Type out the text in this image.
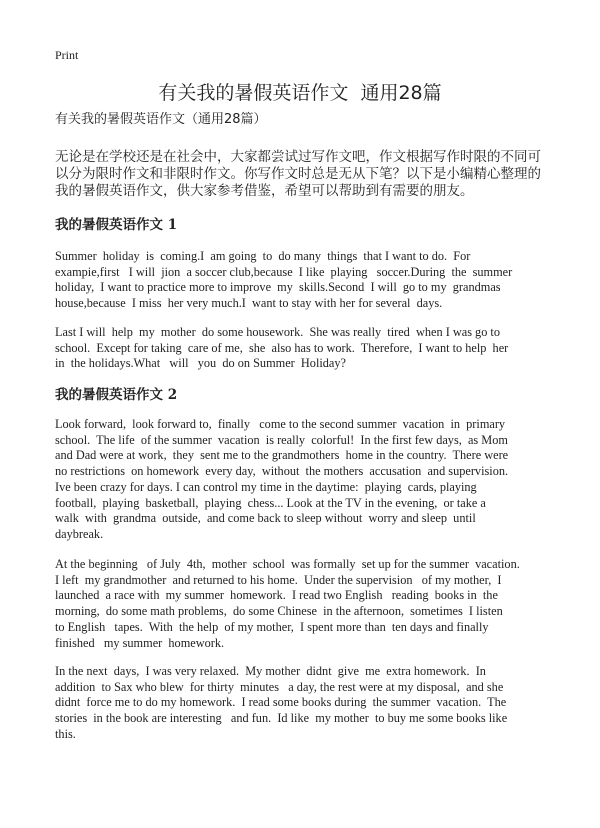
Print
有关我的暑假英语作文  通用28篇
有关我的暑假英语作文（通用28篇）
无论是在学校还是在社会中，大家都尝试过写作文吧，作文根据写作时限的不同可
以分为限时作文和非限时作文。你写作文时总是无从下笔？以下是小编精心整理的
我的暑假英语作文，供大家参考借鉴，希望可以帮助到有需要的朋友。
我的暑假英语作文 1
Summer  holiday  is  coming.I  am going  to  do many  things  that I want to do.  For
exampie,first   I will  jion  a soccer club,because  I like  playing   soccer.During  the  summer
holiday,  I want to practice more to improve  my  skills.Second  I will  go to my  grandmas
house,because  I miss  her very much.I  want to stay with her for several  days.
Last I will  help  my  mother  do some housework.  She was really  tired  when I was go to
school.  Except for taking  care of me,  she  also has to work.  Therefore,  I want to help  her
in  the holidays.What   will   you  do on Summer  Holiday?
我的暑假英语作文 2
Look forward,  look forward to,  finally   come to the second summer  vacation  in  primary
school.  The life  of the summer  vacation  is really  colorful!  In the first few days,  as Mom
and Dad were at work,  they  sent me to the grandmothers  home in the country.  There were
no restrictions  on homework  every day,  without  the mothers  accusation  and supervision.
Ive been crazy for days. I can control my time in the daytime:  playing  cards, playing
football,  playing  basketball,  playing  chess... Look at the TV in the evening,  or take a
walk  with  grandma  outside,  and come back to sleep without  worry and sleep  until
daybreak.
At the beginning   of July  4th,  mother  school  was formally  set up for the summer  vacation.
I left  my grandmother  and returned to his home.  Under the supervision   of my mother,  I
launched  a race with  my summer  homework.  I read two English   reading  books in  the
morning,  do some math problems,  do some Chinese  in the afternoon,  sometimes  I listen
to English   tapes.  With  the help  of my mother,  I spent more than  ten days and finally
finished   my summer  homework.
In the next  days,  I was very relaxed.  My mother  didnt  give  me  extra homework.  In
addition  to Sax who blew  for thirty  minutes   a day, the rest were at my disposal,  and she
didnt  force me to do my homework.  I read some books during  the summer  vacation.  The
stories  in the book are interesting   and fun.  Id like  my mother  to buy me some books like
this.
